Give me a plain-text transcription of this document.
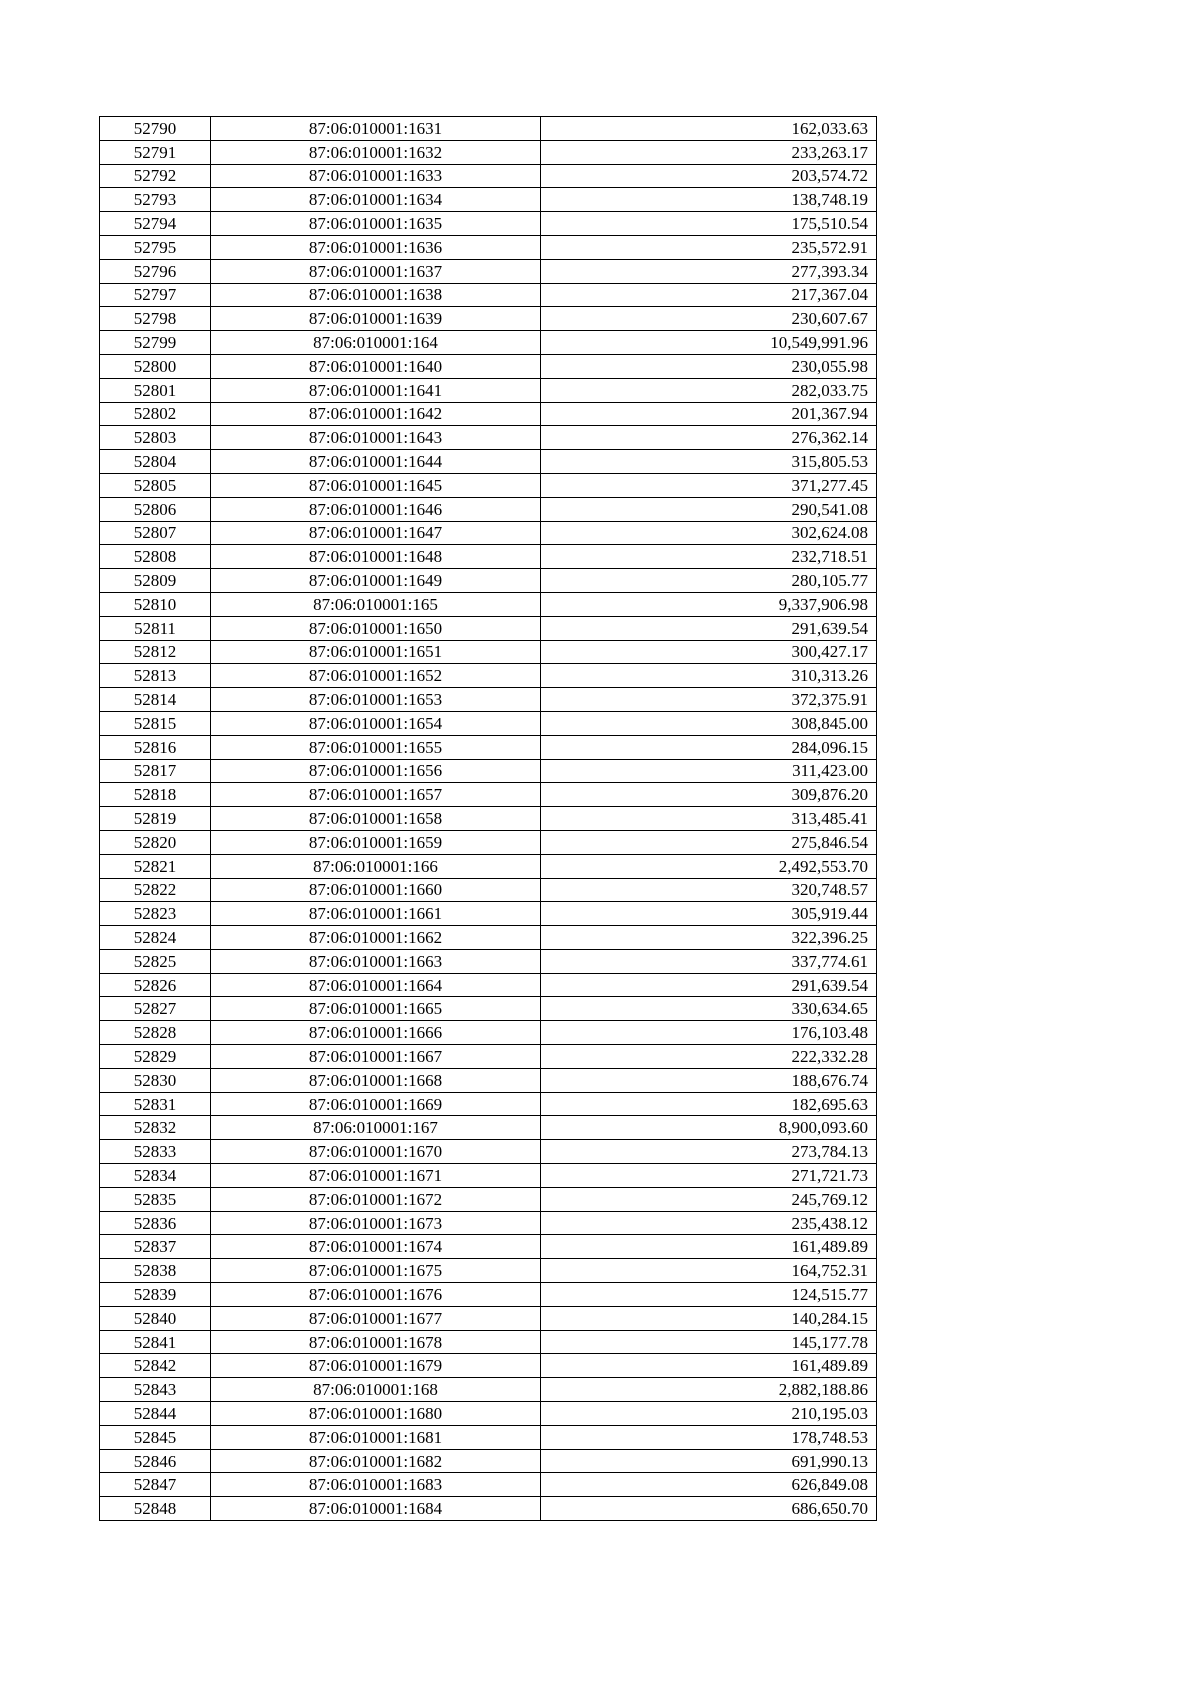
52790	87:06:010001:1631	162,033.63
52791	87:06:010001:1632	233,263.17
52792	87:06:010001:1633	203,574.72
52793	87:06:010001:1634	138,748.19
52794	87:06:010001:1635	175,510.54
52795	87:06:010001:1636	235,572.91
52796	87:06:010001:1637	277,393.34
52797	87:06:010001:1638	217,367.04
52798	87:06:010001:1639	230,607.67
52799	87:06:010001:164	10,549,991.96
52800	87:06:010001:1640	230,055.98
52801	87:06:010001:1641	282,033.75
52802	87:06:010001:1642	201,367.94
52803	87:06:010001:1643	276,362.14
52804	87:06:010001:1644	315,805.53
52805	87:06:010001:1645	371,277.45
52806	87:06:010001:1646	290,541.08
52807	87:06:010001:1647	302,624.08
52808	87:06:010001:1648	232,718.51
52809	87:06:010001:1649	280,105.77
52810	87:06:010001:165	9,337,906.98
52811	87:06:010001:1650	291,639.54
52812	87:06:010001:1651	300,427.17
52813	87:06:010001:1652	310,313.26
52814	87:06:010001:1653	372,375.91
52815	87:06:010001:1654	308,845.00
52816	87:06:010001:1655	284,096.15
52817	87:06:010001:1656	311,423.00
52818	87:06:010001:1657	309,876.20
52819	87:06:010001:1658	313,485.41
52820	87:06:010001:1659	275,846.54
52821	87:06:010001:166	2,492,553.70
52822	87:06:010001:1660	320,748.57
52823	87:06:010001:1661	305,919.44
52824	87:06:010001:1662	322,396.25
52825	87:06:010001:1663	337,774.61
52826	87:06:010001:1664	291,639.54
52827	87:06:010001:1665	330,634.65
52828	87:06:010001:1666	176,103.48
52829	87:06:010001:1667	222,332.28
52830	87:06:010001:1668	188,676.74
52831	87:06:010001:1669	182,695.63
52832	87:06:010001:167	8,900,093.60
52833	87:06:010001:1670	273,784.13
52834	87:06:010001:1671	271,721.73
52835	87:06:010001:1672	245,769.12
52836	87:06:010001:1673	235,438.12
52837	87:06:010001:1674	161,489.89
52838	87:06:010001:1675	164,752.31
52839	87:06:010001:1676	124,515.77
52840	87:06:010001:1677	140,284.15
52841	87:06:010001:1678	145,177.78
52842	87:06:010001:1679	161,489.89
52843	87:06:010001:168	2,882,188.86
52844	87:06:010001:1680	210,195.03
52845	87:06:010001:1681	178,748.53
52846	87:06:010001:1682	691,990.13
52847	87:06:010001:1683	626,849.08
52848	87:06:010001:1684	686,650.70
